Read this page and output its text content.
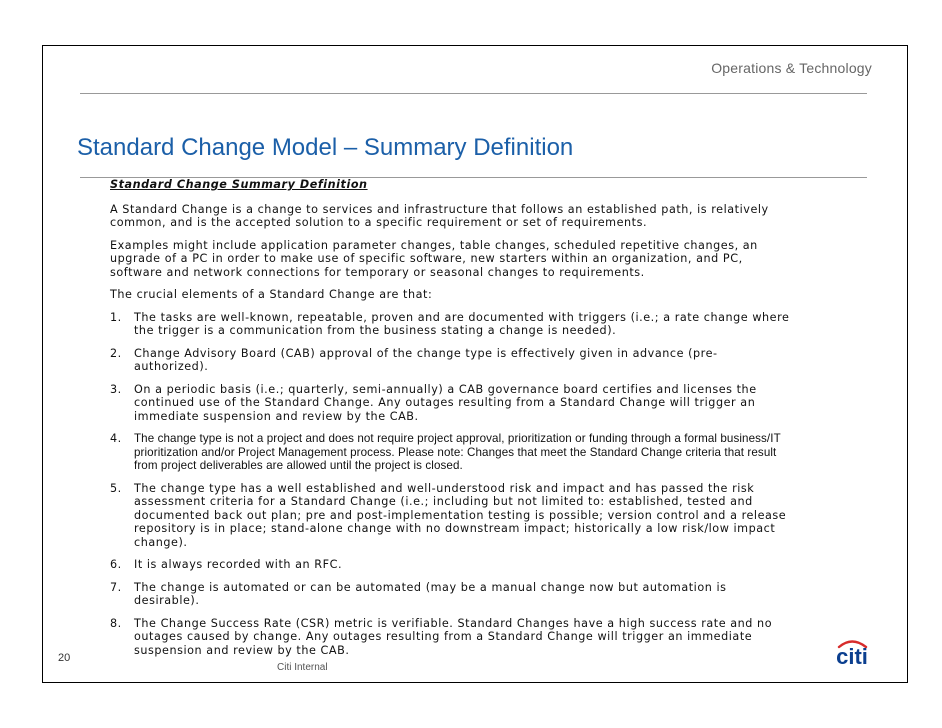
Operations & Technology
Standard Change Model – Summary Definition

Standard Change Summary Definition

A Standard Change is a change to services and infrastructure that follows an established path, is relatively common, and is the accepted solution to a specific requirement or set of requirements.

Examples might include application parameter changes, table changes, scheduled repetitive changes, an upgrade of a PC in order to make use of specific software, new starters within an organization, and PC, software and network connections for temporary or seasonal changes to requirements.

The crucial elements of a Standard Change are that:

1. The tasks are well-known, repeatable, proven and are documented with triggers (i.e.; a rate change where the trigger is a communication from the business stating a change is needed).
2. Change Advisory Board (CAB) approval of the change type is effectively given in advance (pre-authorized).
3. On a periodic basis (i.e.; quarterly, semi-annually) a CAB governance board certifies and licenses the continued use of the Standard Change. Any outages resulting from a Standard Change will trigger an immediate suspension and review by the CAB.
4. The change type is not a project and does not require project approval, prioritization or funding through a formal business/IT prioritization and/or Project Management process. Please note: Changes that meet the Standard Change criteria that result from project deliverables are allowed until the project is closed.
5. The change type has a well established and well-understood risk and impact and has passed the risk assessment criteria for a Standard Change (i.e.; including but not limited to: established, tested and documented back out plan; pre and post-implementation testing is possible; version control and a release repository is in place; stand-alone change with no downstream impact; historically a low risk/low impact change).
6. It is always recorded with an RFC.
7. The change is automated or can be automated (may be a manual change now but automation is desirable).
8. The Change Success Rate (CSR) metric is verifiable. Standard Changes have a high success rate and no outages caused by change. Any outages resulting from a Standard Change will trigger an immediate suspension and review by the CAB.
20
Citi Internal	citi
